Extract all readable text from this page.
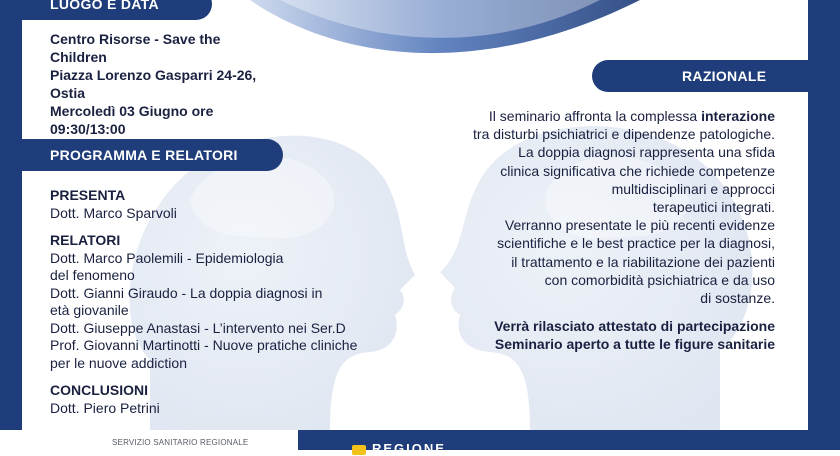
LUOGO E DATA
PROGRAMMA E RELATORI
RAZIONALE
Centro Risorse - Save the
Children
Piazza Lorenzo Gasparri 24-26,
Ostia
Mercoledì 03 Giugno ore
09:30/13:00
PRESENTA
Dott. Marco Sparvoli
RELATORI
Dott. Marco Paolemili - Epidemiologia
del fenomeno
Dott. Gianni Giraudo - La doppia diagnosi in
età giovanile
Dott. Giuseppe Anastasi - L’intervento nei Ser.D
Prof. Giovanni Martinotti - Nuove pratiche cliniche
per le nuove addiction
CONCLUSIONI
Dott. Piero Petrini
Il seminario affronta la complessa interazione
tra disturbi psichiatrici e dipendenze patologiche.
La doppia diagnosi rappresenta una sfida
clinica significativa che richiede competenze
multidisciplinari e approcci
terapeutici integrati.
Verranno presentate le più recenti evidenze
scientifiche e le best practice per la diagnosi,
il trattamento e la riabilitazione dei pazienti
con comorbidità psichiatrica e da uso
di sostanze.
Verrà rilasciato attestato di partecipazione
Seminario aperto a tutte le figure sanitarie
SERVIZIO SANITARIO REGIONALE	REGIONE
